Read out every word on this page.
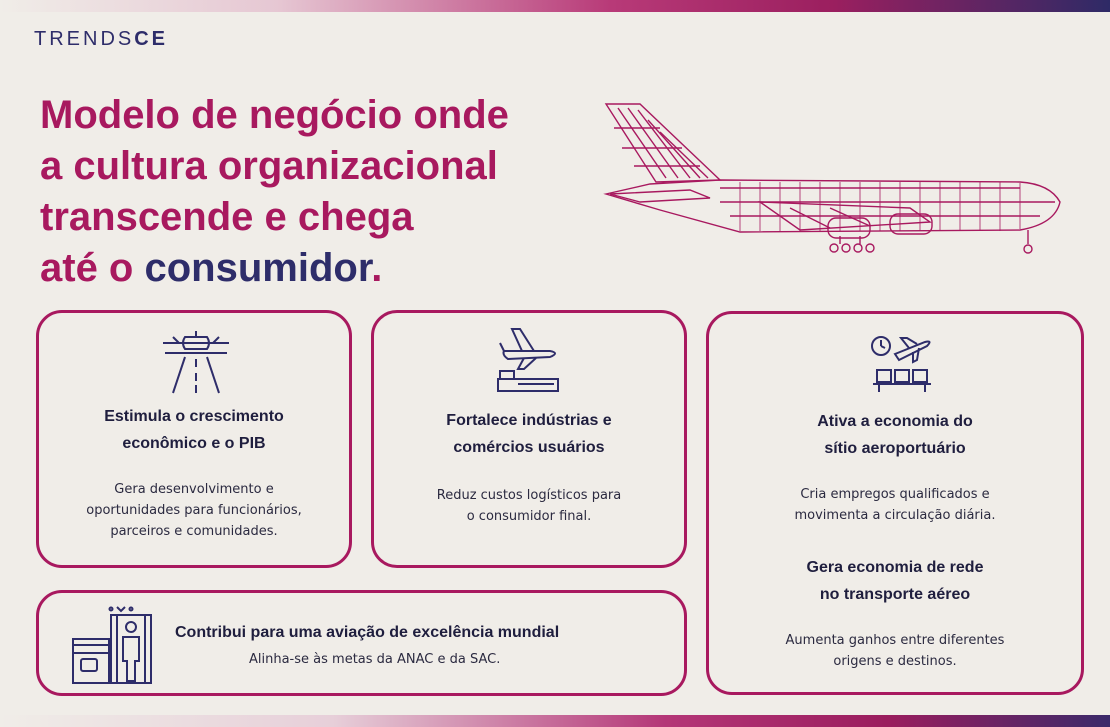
TRENDSCE
Modelo de negócio onde
a cultura organizacional
transcende e chega
até o consumidor.
Estimula o crescimento
econômico e o PIB

Gera desenvolvimento e
oportunidades para funcionários,
parceiros e comunidades.

Fortalece indústrias e
comércios usuários

Reduz custos logísticos para
o consumidor final.

Ativa a economia do
sítio aeroportuário

Cria empregos qualificados e
movimenta a circulação diária.

Gera economia de rede
no transporte aéreo

Aumenta ganhos entre diferentes
origens e destinos.

Contribui para uma aviação de excelência mundial

Alinha-se às metas da ANAC e da SAC.
